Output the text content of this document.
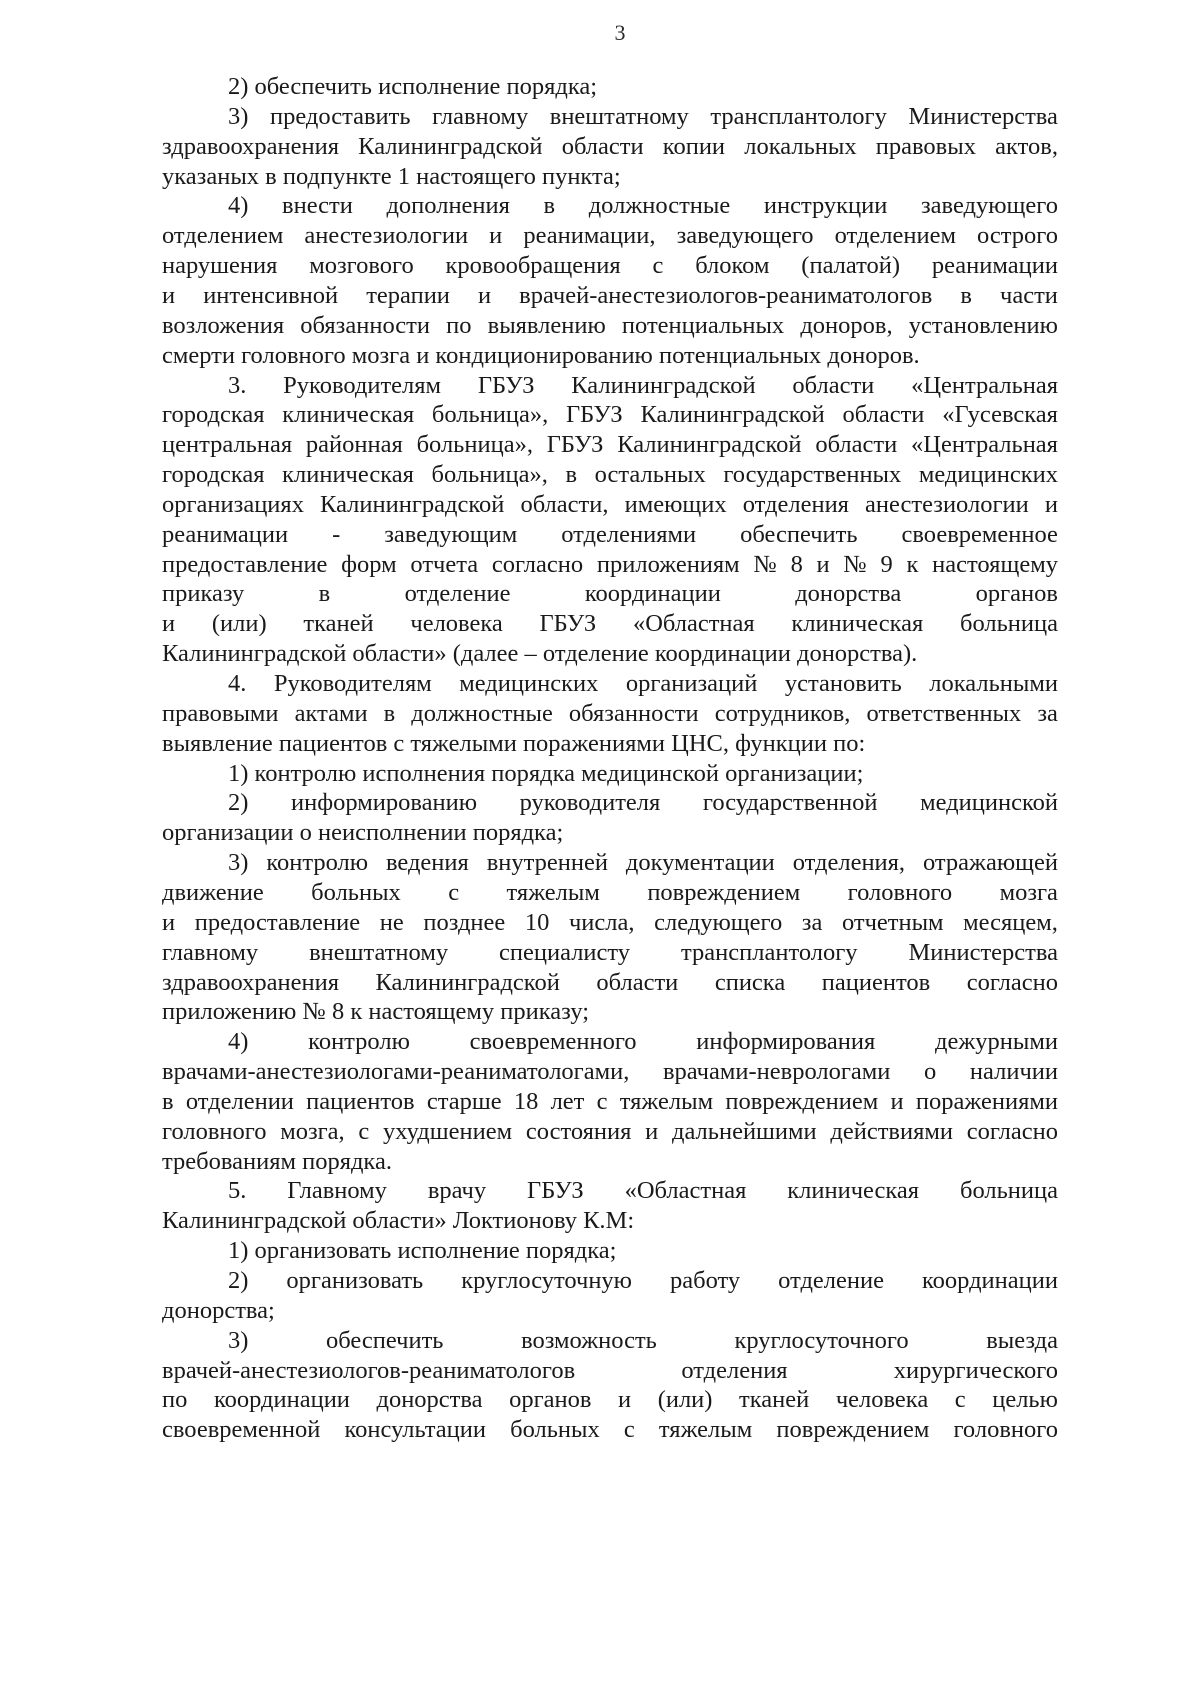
3
2) обеспечить исполнение порядка;
3) предоставить главному внештатному трансплантологу Министерства
здравоохранения Калининградской области копии локальных правовых актов,
указаных в подпункте 1 настоящего пункта;
4) внести дополнения в должностные инструкции заведующего
отделением анестезиологии и реанимации, заведующего отделением острого
нарушения мозгового кровообращения с блоком (палатой) реанимации
и интенсивной терапии и врачей-анестезиологов-реаниматологов в части
возложения обязанности по выявлению потенциальных доноров, установлению
смерти головного мозга и кондиционированию потенциальных доноров.
3. Руководителям ГБУЗ Калининградской области «Центральная
городская клиническая больница», ГБУЗ Калининградской области «Гусевская
центральная районная больница», ГБУЗ Калининградской области «Центральная
городская клиническая больница», в остальных государственных медицинских
организациях Калининградской области, имеющих отделения анестезиологии и
реанимации - заведующим отделениями обеспечить своевременное
предоставление форм отчета согласно приложениям № 8 и № 9 к настоящему
приказу	в	отделение	координации	донорства	органов
и (или) тканей человека ГБУЗ «Областная клиническая больница
Калининградской области» (далее – отделение координации донорства).
4. Руководителям медицинских организаций установить локальными
правовыми актами в должностные обязанности сотрудников, ответственных за
выявление пациентов с тяжелыми поражениями ЦНС, функции по:
1) контролю исполнения порядка медицинской организации;
2) информированию руководителя государственной медицинской
организации о неисполнении порядка;
3) контролю ведения внутренней документации отделения, отражающей
движение больных с тяжелым повреждением головного мозга
и предоставление не позднее 10 числа, следующего за отчетным месяцем,
главному внештатному специалисту трансплантологу Министерства
здравоохранения Калининградской области списка пациентов согласно
приложению № 8 к настоящему приказу;
4) контролю своевременного информирования дежурными
врачами-анестезиологами-реаниматологами, врачами-неврологами о наличии
в отделении пациентов старше 18 лет с тяжелым повреждением и поражениями
головного мозга, с ухудшением состояния и дальнейшими действиями согласно
требованиям порядка.
5. Главному врачу ГБУЗ «Областная клиническая больница
Калининградской области» Локтионову К.М:
1) организовать исполнение порядка;
2) организовать круглосуточную работу отделение координации
донорства;
3)	обеспечить	возможность	круглосуточного	выезда
врачей-анестезиологов-реаниматологов	отделения	хирургического
по координации донорства органов и (или) тканей человека с целью
своевременной консультации больных с тяжелым повреждением головного
